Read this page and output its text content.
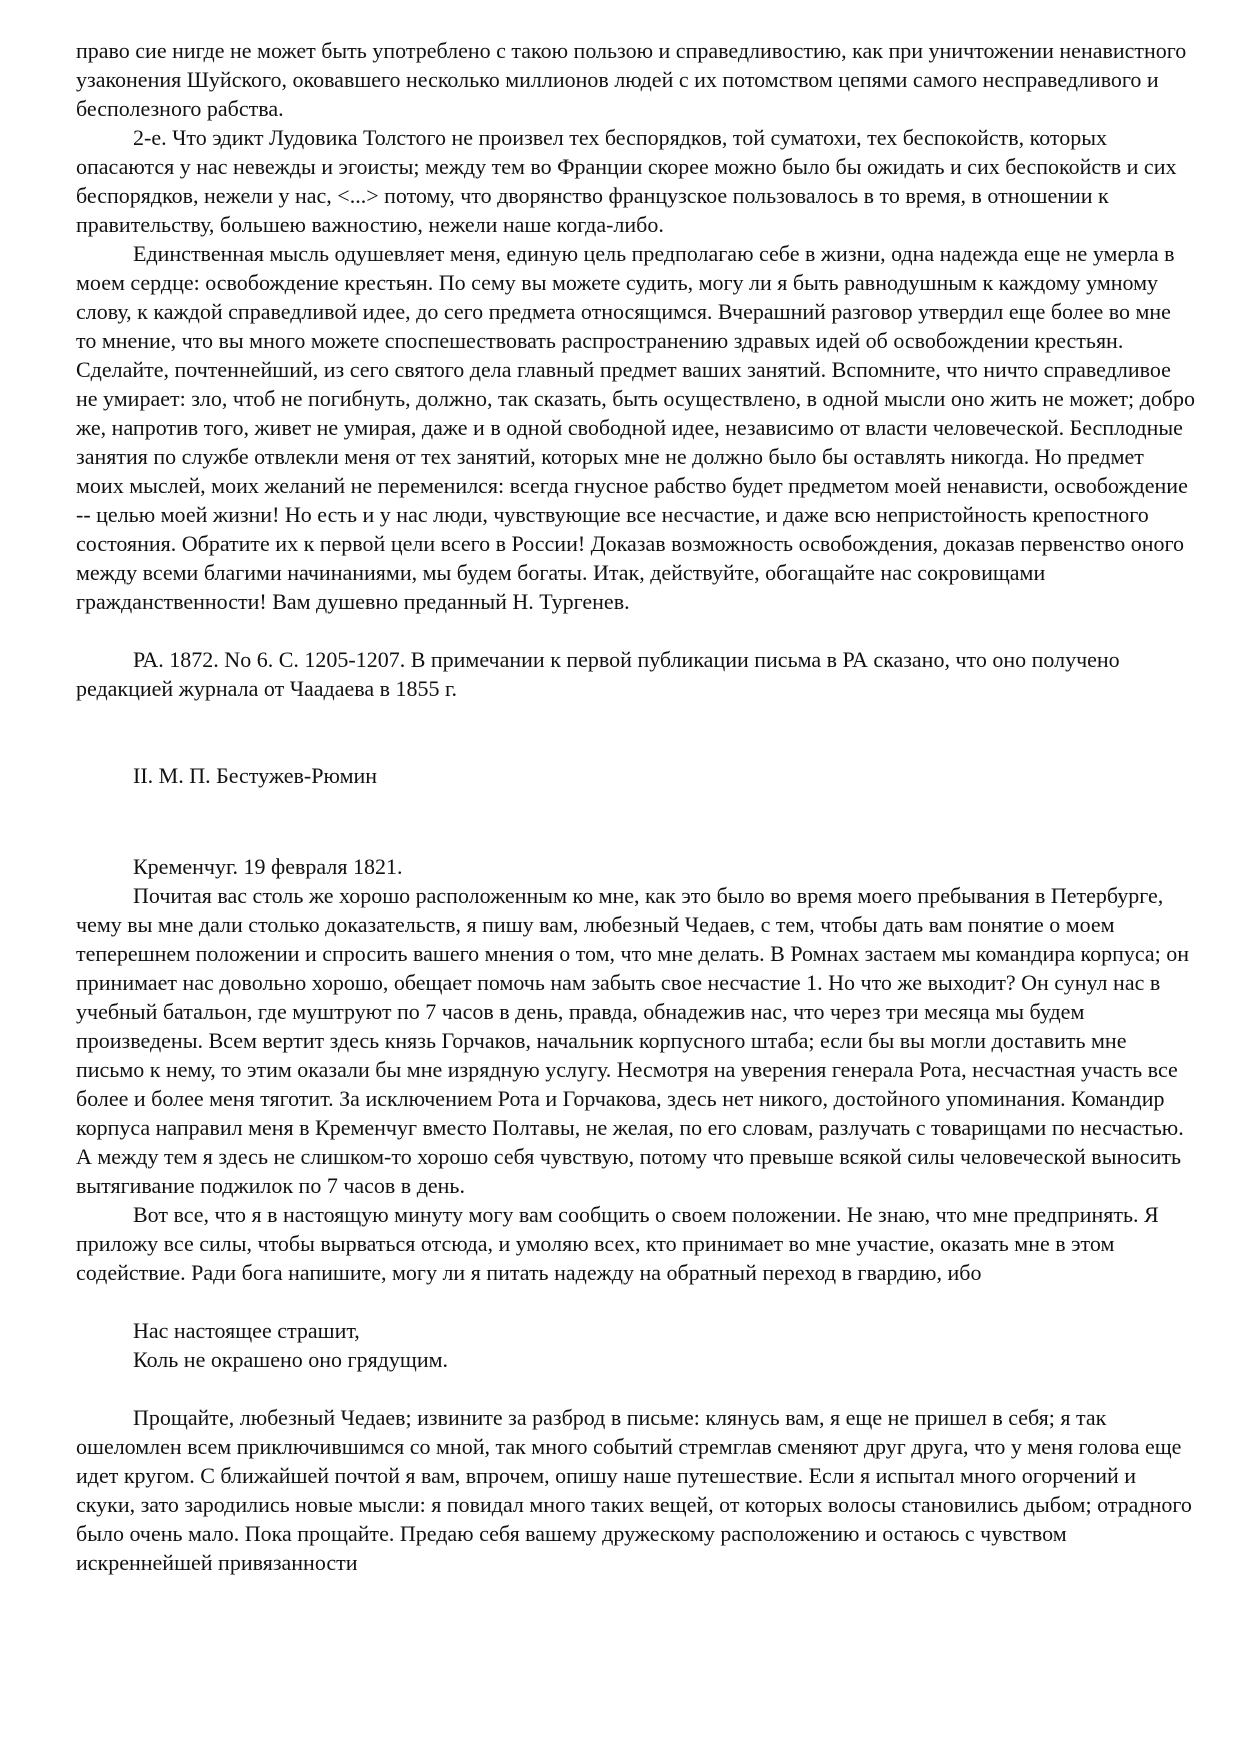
право сие нигде не может быть употреблено с такою пользою и справедливостию, как при уничтожении ненавистного узаконения Шуйского, оковавшего несколько миллионов людей с их потомством цепями самого несправедливого и бесполезного рабства.

2-е. Что эдикт Лудовика Толстого не произвел тех беспорядков, той суматохи, тех беспокойств, которых опасаются у нас невежды и эгоисты; между тем во Франции скорее можно было бы ожидать и сих беспокойств и сих беспорядков, нежели у нас, <...> потому, что дворянство французское пользовалось в то время, в отношении к правительству, большею важностию, нежели наше когда-либо.

Единственная мысль одушевляет меня, единую цель предполагаю себе в жизни, одна надежда еще не умерла в моем сердце: освобождение крестьян. По сему вы можете судить, могу ли я быть равнодушным к каждому умному слову, к каждой справедливой идее, до сего предмета относящимся. Вчерашний разговор утвердил еще более во мне то мнение, что вы много можете споспешествовать распространению здравых идей об освобождении крестьян. Сделайте, почтеннейший, из сего святого дела главный предмет ваших занятий. Вспомните, что ничто справедливое не умирает: зло, чтоб не погибнуть, должно, так сказать, быть осуществлено, в одной мысли оно жить не может; добро же, напротив того, живет не умирая, даже и в одной свободной идее, независимо от власти человеческой. Бесплодные занятия по службе отвлекли меня от тех занятий, которых мне не должно было бы оставлять никогда. Но предмет моих мыслей, моих желаний не переменился: всегда гнусное рабство будет предметом моей ненависти, освобождение -- целью моей жизни! Но есть и у нас люди, чувствующие все несчастие, и даже всю непристойность крепостного состояния. Обратите их к первой цели всего в России! Доказав возможность освобождения, доказав первенство оного между всеми благими начинаниями, мы будем богаты. Итак, действуйте, обогащайте нас сокровищами гражданственности! Вам душевно преданный Н. Тургенев.

РА. 1872. No 6. С. 1205-1207. В примечании к первой публикации письма в РА сказано, что оно получено редакцией журнала от Чаадаева в 1855 г.

II. М. П. Бестужев-Рюмин

Кременчуг. 19 февраля 1821.

Почитая вас столь же хорошо расположенным ко мне, как это было во время моего пребывания в Петербурге, чему вы мне дали столько доказательств, я пишу вам, любезный Чедаев, с тем, чтобы дать вам понятие о моем теперешнем положении и спросить вашего мнения о том, что мне делать. В Ромнах застаем мы командира корпуса; он принимает нас довольно хорошо, обещает помочь нам забыть свое несчастие 1. Но что же выходит? Он сунул нас в учебный батальон, где муштруют по 7 часов в день, правда, обнадежив нас, что через три месяца мы будем произведены. Всем вертит здесь князь Горчаков, начальник корпусного штаба; если бы вы могли доставить мне письмо к нему, то этим оказали бы мне изрядную услугу. Несмотря на уверения генерала Рота, несчастная участь все более и более меня тяготит. За исключением Рота и Горчакова, здесь нет никого, достойного упоминания. Командир корпуса направил меня в Кременчуг вместо Полтавы, не желая, по его словам, разлучать с товарищами по несчастью. А между тем я здесь не слишком-то хорошо себя чувствую, потому что превыше всякой силы человеческой выносить вытягивание поджилок по 7 часов в день.

Вот все, что я в настоящую минуту могу вам сообщить о своем положении. Не знаю, что мне предпринять. Я приложу все силы, чтобы вырваться отсюда, и умоляю всех, кто принимает во мне участие, оказать мне в этом содействие. Ради бога напишите, могу ли я питать надежду на обратный переход в гвардию, ибо

Нас настоящее страшит,
Коль не окрашено оно грядущим.

Прощайте, любезный Чедаев; извините за разброд в письме: клянусь вам, я еще не пришел в себя; я так ошеломлен всем приключившимся со мной, так много событий стремглав сменяют друг друга, что у меня голова еще идет кругом. С ближайшей почтой я вам, впрочем, опишу наше путешествие. Если я испытал много огорчений и скуки, зато зародились новые мысли: я повидал много таких вещей, от которых волосы становились дыбом; отрадного было очень мало. Пока прощайте. Предаю себя вашему дружескому расположению и остаюсь с чувством искреннейшей привязанности
